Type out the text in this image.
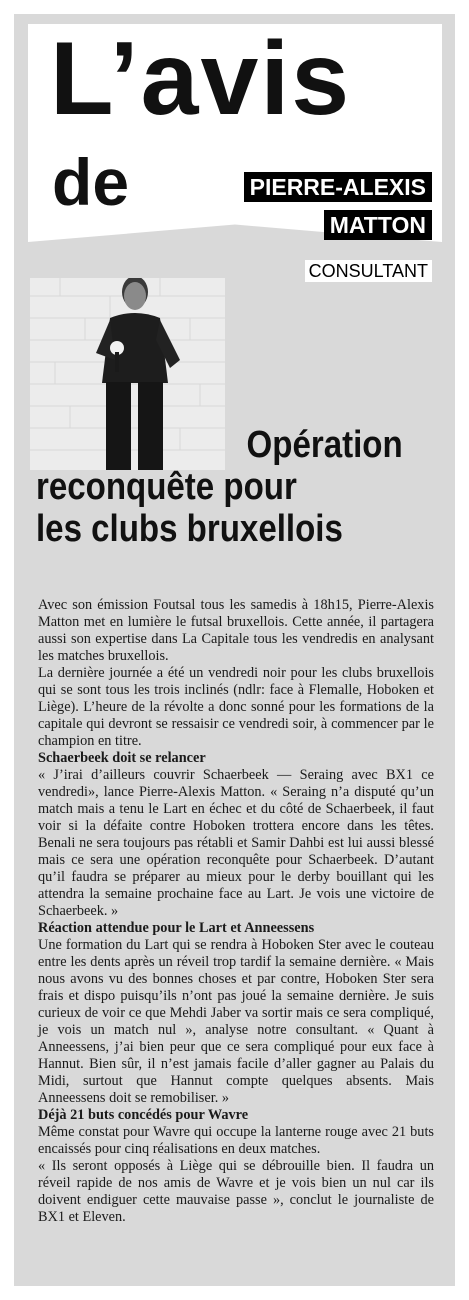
L’avis
de	PIERRE-ALEXIS
MATTON
CONSULTANT
Opération
reconquête pour
les clubs bruxellois

Avec son émission Foutsal tous les samedis à 18h15, Pierre-Alexis Matton met en lumière le futsal bruxellois. Cette année, il partagera aussi son expertise dans La Capitale tous les vendredis en analysant les matches bruxellois.

La dernière journée a été un vendredi noir pour les clubs bruxellois qui se sont tous les trois inclinés (ndlr: face à Flemalle, Hoboken et Liège). L’heure de la révolte a donc sonné pour les formations de la capitale qui devront se ressaisir ce vendredi soir, à commencer par le champion en titre.

Schaerbeek doit se relancer

« J’irai d’ailleurs couvrir Schaerbeek — Seraing avec BX1 ce vendredi», lance Pierre-Alexis Matton. « Seraing n’a disputé qu’un match mais a tenu le Lart en échec et du côté de Schaerbeek, il faut voir si la défaite contre Hoboken trottera encore dans les têtes. Benali ne sera toujours pas rétabli et Samir Dahbi est lui aussi blessé mais ce sera une opération reconquête pour Schaerbeek. D’autant qu’il faudra se préparer au mieux pour le derby bouillant qui les attendra la semaine prochaine face au Lart. Je vois une victoire de Schaerbeek. »

Réaction attendue pour le Lart et Anneessens

Une formation du Lart qui se rendra à Hoboken Ster avec le couteau entre les dents après un réveil trop tardif la semaine dernière. « Mais nous avons vu des bonnes choses et par contre, Hoboken Ster sera frais et dispo puisqu’ils n’ont pas joué la semaine dernière. Je suis curieux de voir ce que Mehdi Jaber va sortir mais ce sera compliqué, je vois un match nul », analyse notre consultant. « Quant à Anneessens, j’ai bien peur que ce sera compliqué pour eux face à Hannut. Bien sûr, il n’est jamais facile d’aller gagner au Palais du Midi, surtout que Hannut compte quelques absents. Mais Anneessens doit se remobiliser. »

Déjà 21 buts concédés pour Wavre

Même constat pour Wavre qui occupe la lanterne rouge avec 21 buts encaissés pour cinq réalisations en deux matches.

« Ils seront opposés à Liège qui se débrouille bien. Il faudra un réveil rapide de nos amis de Wavre et je vois bien un nul car ils doivent endiguer cette mauvaise passe », conclut le journaliste de BX1 et Eleven.
